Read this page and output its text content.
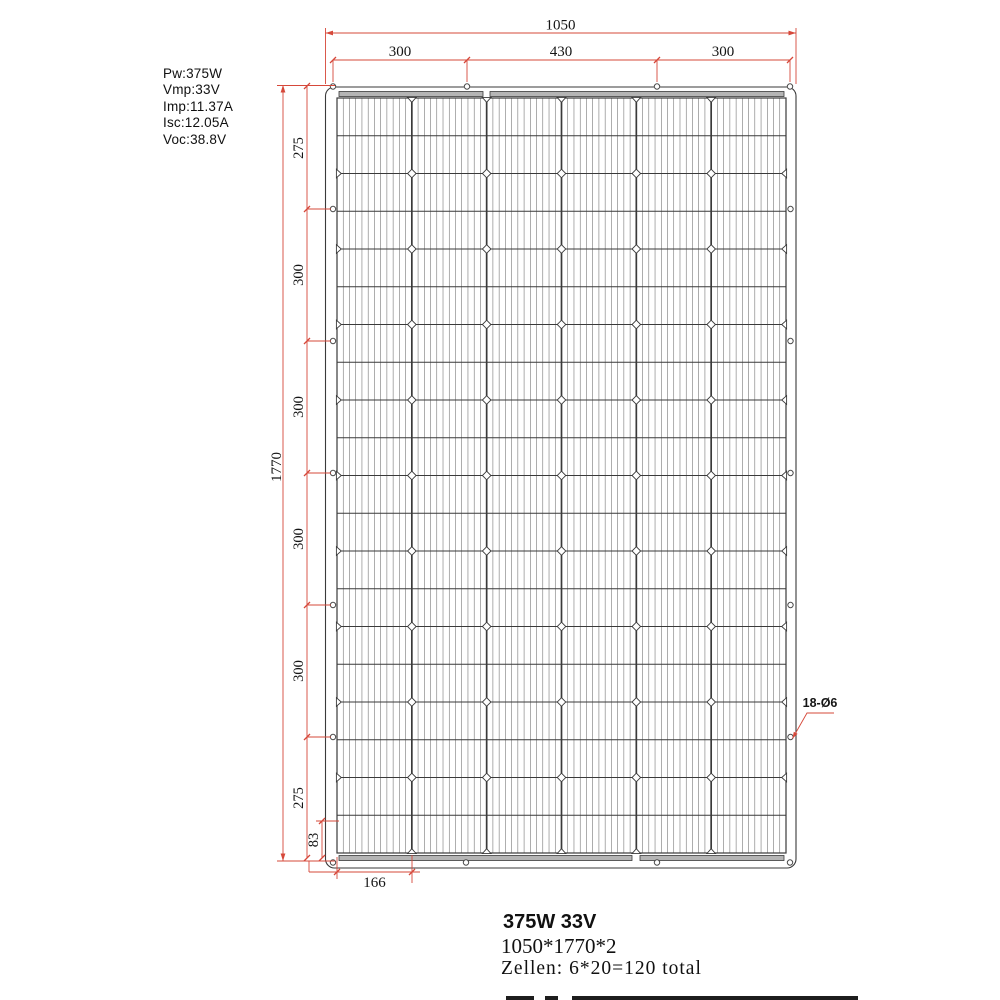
1050
300	430	300
1770
275
300
300
300
300
275
83
166
18-Ø6
Pw:375W
Vmp:33V
Imp:11.37A
Isc:12.05A
Voc:38.8V
375W 33V
1050*1770*2
Zellen: 6*20=120 total
